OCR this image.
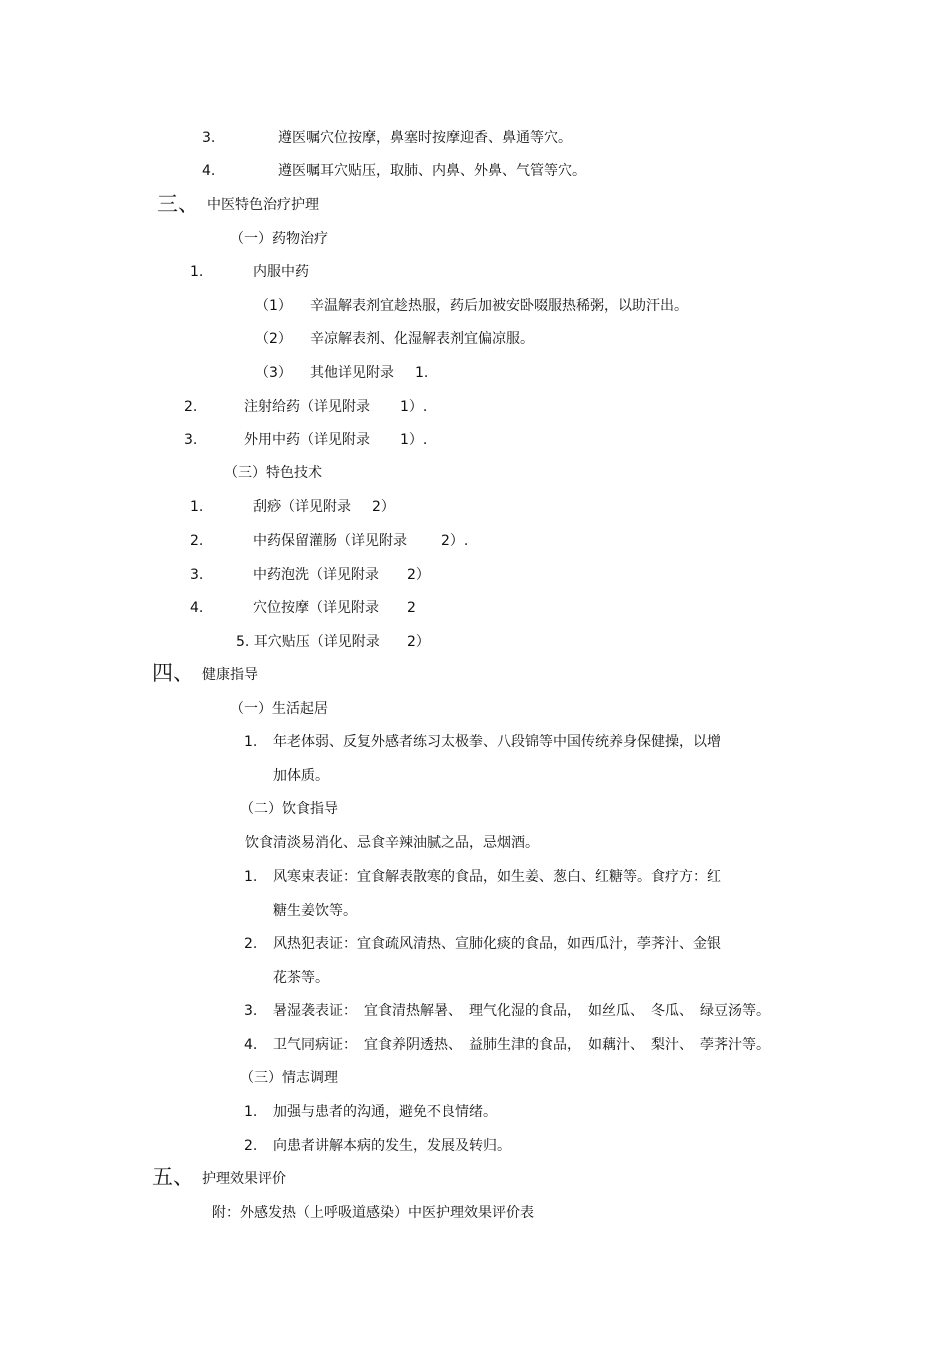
3.	遵医嘱穴位按摩，鼻塞时按摩迎香、鼻通等穴。
4.	遵医嘱耳穴贴压，取肺、内鼻、外鼻、气管等穴。
三、 中医特色治疗护理
（一）药物治疗
1.	内服中药
（1） 辛温解表剂宜趁热服，药后加被安卧啜服热稀粥，以助汗出。
（2） 辛凉解表剂、化湿解表剂宜偏凉服。
（3） 其他详见附录 1.
2.	注射给药（详见附录 1）.
3.	外用中药（详见附录 1）.
（三）特色技术
1.	刮痧（详见附录 2）
2.	中药保留灌肠（详见附录 2）.
3.	中药泡洗（详见附录 2）
4.	穴位按摩（详见附录 2
5. 耳穴贴压（详见附录 2）
四、 健康指导
（一）生活起居
1. 年老体弱、反复外感者练习太极拳、八段锦等中国传统养身保健操，以增
加体质。
（二）饮食指导
饮食清淡易消化、忌食辛辣油腻之品，忌烟酒。
1. 风寒束表证：宜食解表散寒的食品，如生姜、葱白、红糖等。食疗方：红
糖生姜饮等。
2. 风热犯表证：宜食疏风清热、宣肺化痰的食品，如西瓜汁，荸荠汁、金银
花茶等。
3. 暑湿袭表证：　宜食清热解暑、　理气化湿的食品，　如丝瓜、　冬瓜、　绿豆汤等。
4. 卫气同病证：　宜食养阴透热、　益肺生津的食品，　如藕汁、　梨汁、　荸荠汁等。
（三）情志调理
1. 加强与患者的沟通，避免不良情绪。
2. 向患者讲解本病的发生，发展及转归。
五、 护理效果评价
附：外感发热（上呼吸道感染）中医护理效果评价表
